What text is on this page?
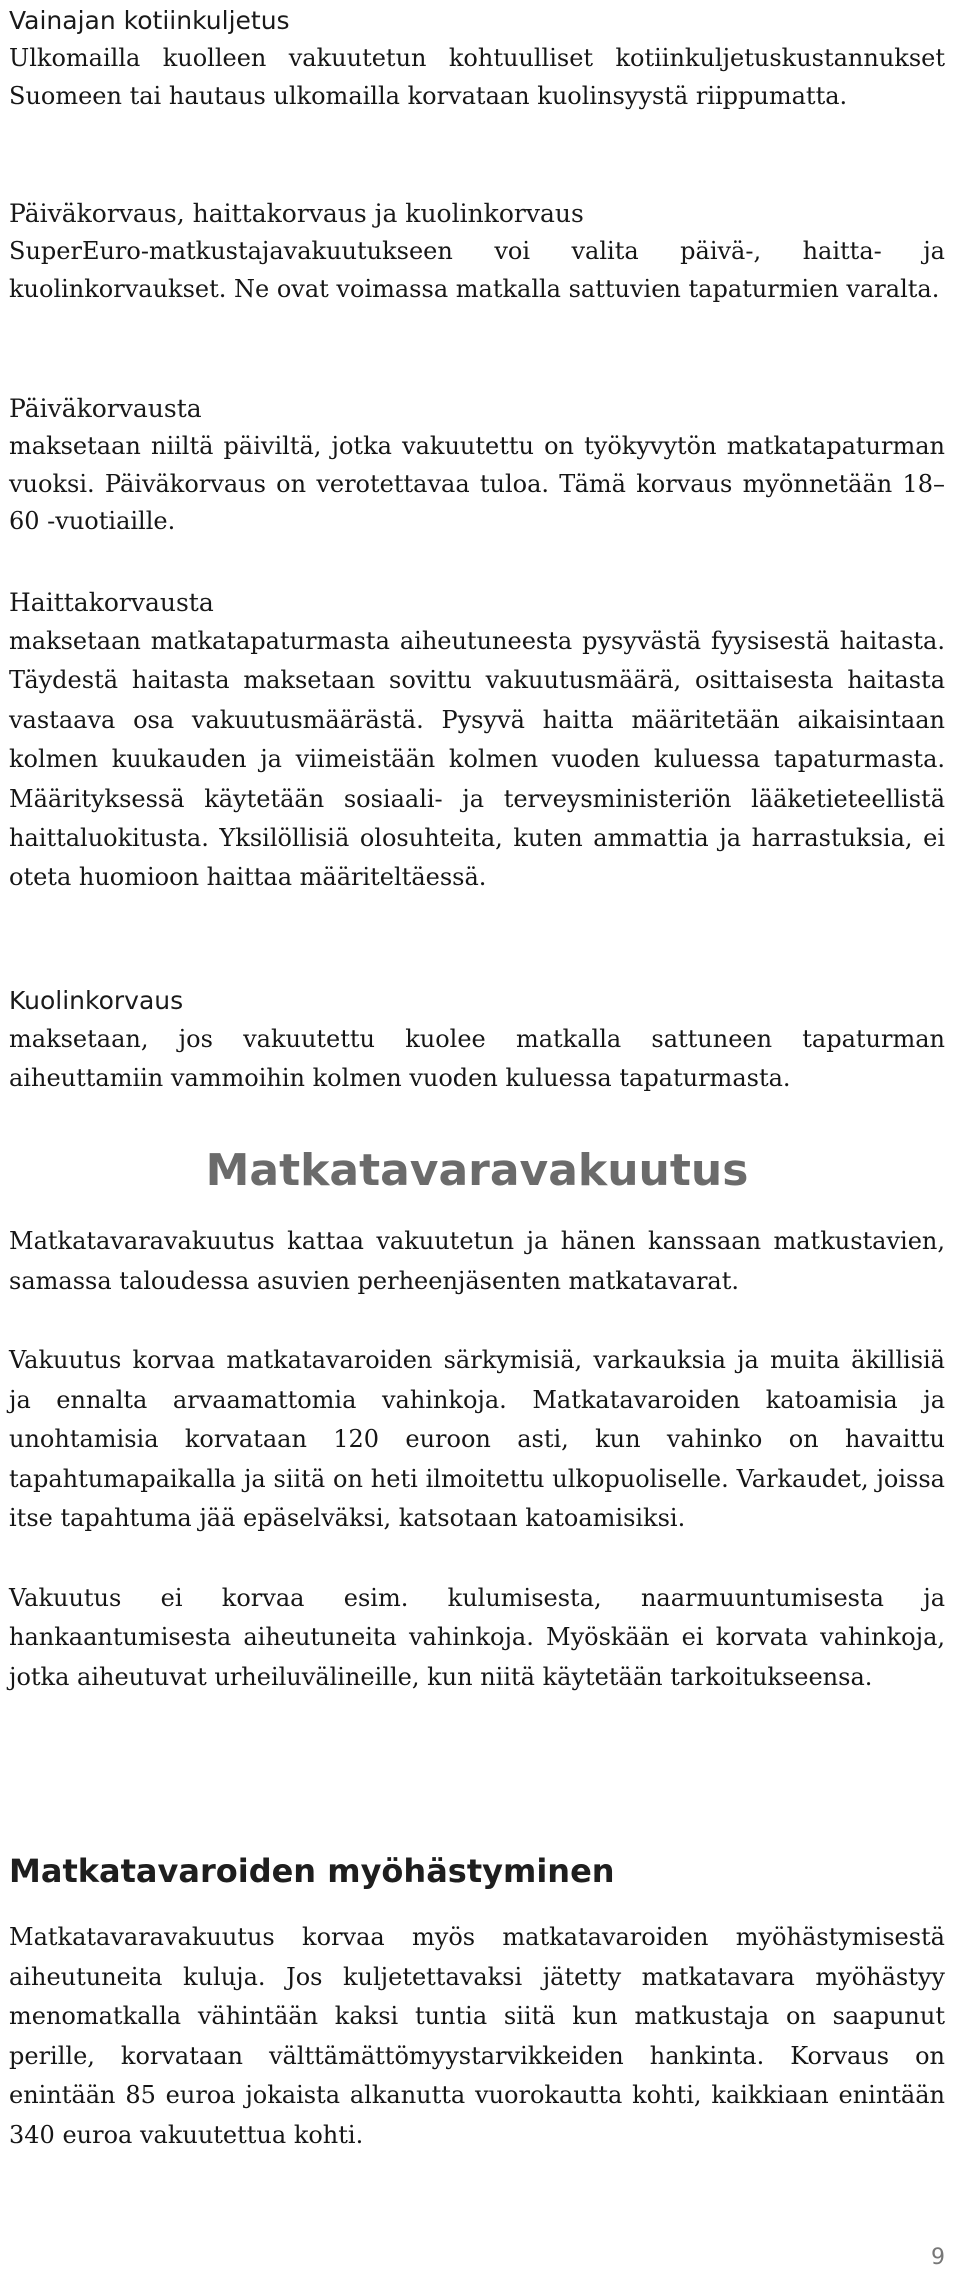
Vainajan kotiinkuljetus

Ulkomailla kuolleen vakuutetun kohtuulliset kotiinkuljetuskustannukset Suomeen tai hautaus ulkomailla korvataan kuolinsyystä riippumatta.

Päiväkorvaus, haittakorvaus ja kuolinkorvaus

SuperEuro-matkustajavakuutukseen voi valita päivä-, haitta- ja kuolinkorvaukset. Ne ovat voimassa matkalla sattuvien tapaturmien varalta.

Päiväkorvausta

maksetaan niiltä päiviltä, jotka vakuutettu on työkyvytön matkatapaturman vuoksi. Päiväkorvaus on verotettavaa tuloa. Tämä korvaus myönnetään 18–60 -vuotiaille.

Haittakorvausta

maksetaan matkatapaturmasta aiheutuneesta pysyvästä fyysisestä haitasta. Täydestä haitasta maksetaan sovittu vakuutusmäärä, osittaisesta haitasta vastaava osa vakuutusmäärästä. Pysyvä haitta määritetään aikaisintaan kolmen kuukauden ja viimeistään kolmen vuoden kuluessa tapaturmasta. Määrityksessä käytetään sosiaali- ja terveysministeriön lääketieteellistä haittaluokitusta. Yksilöllisiä olosuhteita, kuten ammattia ja harrastuksia, ei oteta huomioon haittaa määriteltäessä.

Kuolinkorvaus

maksetaan, jos vakuutettu kuolee matkalla sattuneen tapaturman aiheuttamiin vammoihin kolmen vuoden kuluessa tapaturmasta.

Matkatavaravakuutus

Matkatavaravakuutus kattaa vakuutetun ja hänen kanssaan matkustavien, samassa taloudessa asuvien perheenjäsenten matkatavarat.

Vakuutus korvaa matkatavaroiden särkymisiä, varkauksia ja muita äkillisiä ja ennalta arvaamattomia vahinkoja. Matkatavaroiden katoamisia ja unohtamisia korvataan 120 euroon asti, kun vahinko on havaittu tapahtumapaikalla ja siitä on heti ilmoitettu ulkopuoliselle. Varkaudet, joissa itse tapahtuma jää epäselväksi, katsotaan katoamisiksi.

Vakuutus ei korvaa esim. kulumisesta, naarmuuntumisesta ja hankaantumisesta aiheutuneita vahinkoja. Myöskään ei korvata vahinkoja, jotka aiheutuvat urheiluvälineille, kun niitä käytetään tarkoitukseensa.

Matkatavaroiden myöhästyminen

Matkatavaravakuutus korvaa myös matkatavaroiden myöhästymisestä aiheutuneita kuluja. Jos kuljetettavaksi jätetty matkatavara myöhästyy menomatkalla vähintään kaksi tuntia siitä kun matkustaja on saapunut perille, korvataan välttämättömyystarvikkeiden hankinta. Korvaus on enintään 85 euroa jokaista alkanutta vuorokautta kohti, kaikkiaan enintään 340 euroa vakuutettua kohti.

9
